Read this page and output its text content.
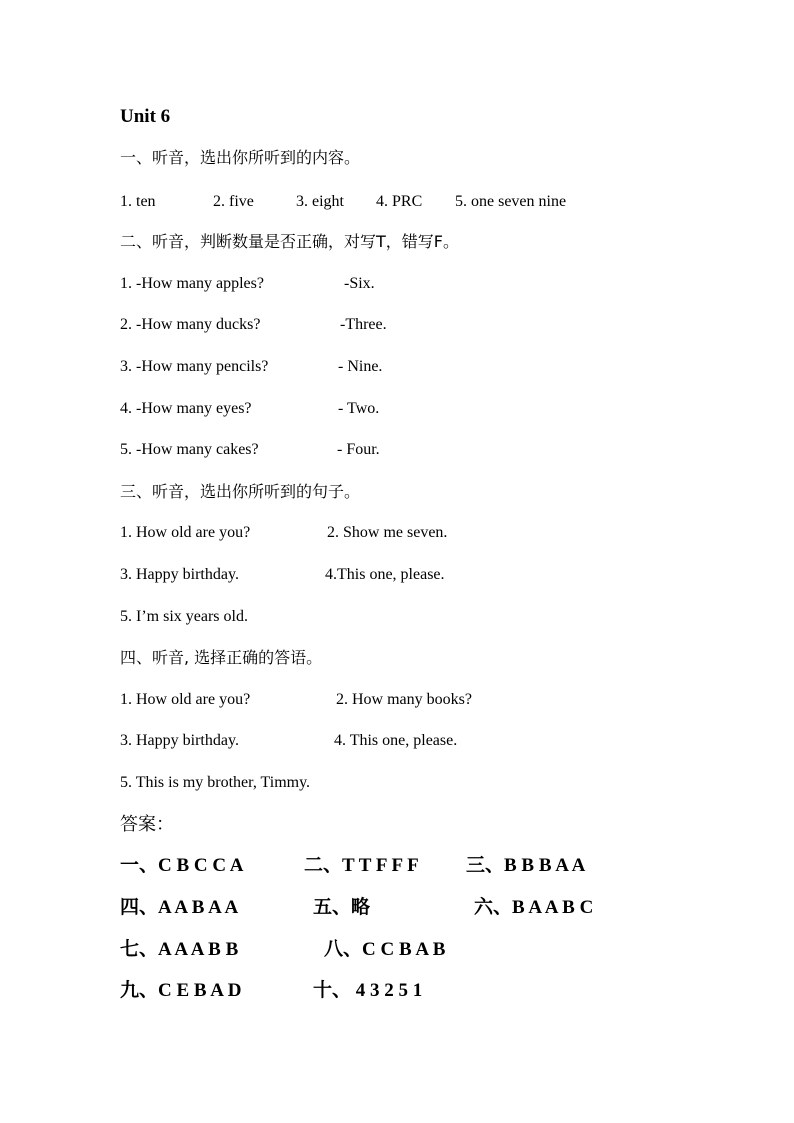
Unit 6
一、听音，选出你所听到的内容。
1. ten	2. five	3. eight 4. PRC 5. one seven nine
二、听音，判断数量是否正确，对写T，错写F。
1. -How many apples?	-Six.
2. -How many ducks?	-Three.
3. -How many pencils?	- Nine.
4. -How many eyes?	- Two.
5. -How many cakes?	- Four.
三、听音，选出你所听到的句子。
1. How old are you?	2. Show me seven.
3. Happy birthday.	4.This one, please.
5. I’m six years old.
四、听音, 选择正确的答语。
1. How old are you?	2. How many books?
3. Happy birthday.	4. This one, please.
5. This is my brother, Timmy.
答案：
一、C B C C A	二、T T F F F 三、B B B A A
四、A A B A A	五、略	六、B A A B C
七、A A A B B	八、C C B A B
九、C E B A D	十、 4 3 2 5 1
